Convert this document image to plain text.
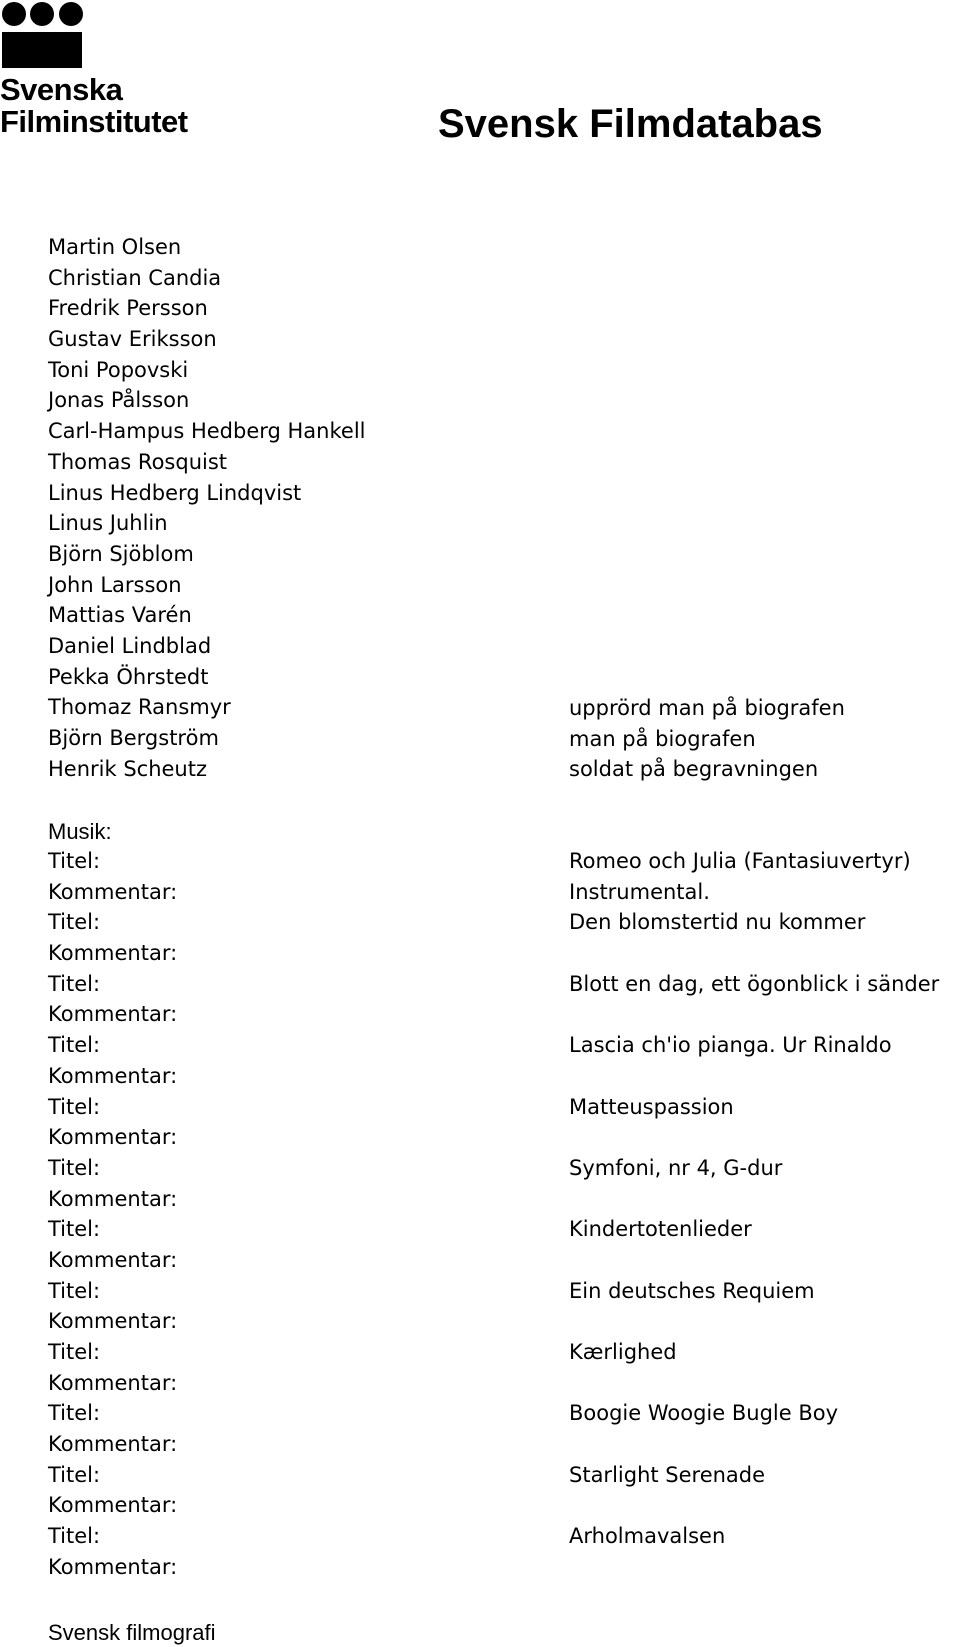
Svenska
Filminstitutet	Svensk Filmdatabas
Martin Olsen
Christian Candia
Fredrik Persson
Gustav Eriksson
Toni Popovski
Jonas Pålsson
Carl-Hampus Hedberg Hankell
Thomas Rosquist
Linus Hedberg Lindqvist
Linus Juhlin
Björn Sjöblom
John Larsson
Mattias Varén
Daniel Lindblad
Pekka Öhrstedt
Thomaz Ransmyr
Björn Bergström
Henrik Scheutz
upprörd man på biografen
man på biografen
soldat på begravningen
Musik:
Titel:
Kommentar:
Titel:
Kommentar:
Titel:
Kommentar:
Titel:
Kommentar:
Titel:
Kommentar:
Titel:
Kommentar:
Titel:
Kommentar:
Titel:
Kommentar:
Titel:
Kommentar:
Titel:
Kommentar:
Titel:
Kommentar:
Titel:
Kommentar:
Romeo och Julia (Fantasiuvertyr)
Instrumental.
Den blomstertid nu kommer
Blott en dag, ett ögonblick i sänder
Lascia ch'io pianga. Ur Rinaldo
Matteuspassion
Symfoni, nr 4, G-dur
Kindertotenlieder
Ein deutsches Requiem
Kærlighed
Boogie Woogie Bugle Boy
Starlight Serenade
Arholmavalsen
Svensk filmografi
